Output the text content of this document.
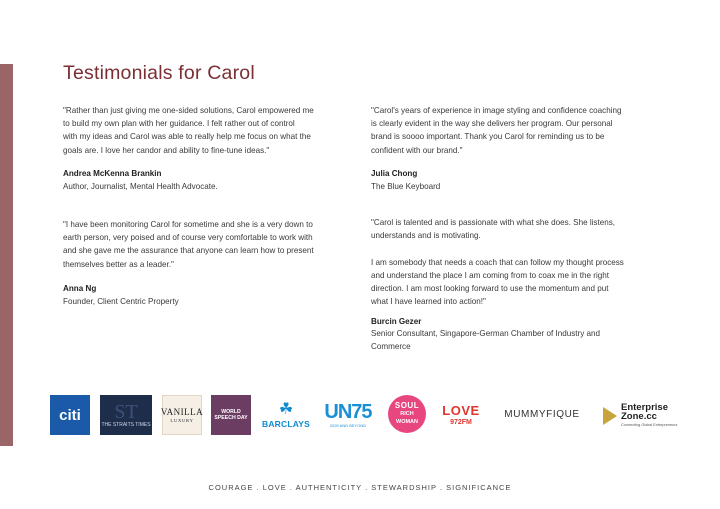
Testimonials for Carol
"Rather than just giving me one-sided solutions, Carol empowered me
to build my own plan with her guidance. I felt rather out of control
with my ideas and Carol was able to really help me focus on what the
goals are. I love her candor and ability to fine-tune ideas."
Andrea McKenna Brankin
Author, Journalist, Mental Health Advocate.
"Carol's years of experience in image styling and confidence coaching
is clearly evident in the way she delivers her program. Our personal
brand is soooo important. Thank you Carol for reminding us to be
confident with our brand."
Julia Chong
The Blue Keyboard
"I have been monitoring Carol for sometime and she is a very down to
earth person, very poised and of course very comfortable to work with
and she gave me the assurance that anyone can learn how to present
themselves better as a leader."
Anna Ng
Founder, Client Centric Property
"Carol is talented and is passionate with what she does. She listens,
understands and is motivating.

I am somebody that needs a coach that can follow my thought process
and understand the place I am coming from to coax me in the right
direction. I am most looking forward to use the momentum and put
what I have learned into action!"
Burcin Gezer
Senior Consultant, Singapore-German Chamber of Industry and
Commerce
citi ST
THE STRAITS TIMES
VANILLA
LUXURY
WORLD SPEECH DAY ☘
BARCLAYS
UN75
2020 AND BEYOND
SOUL
RICH
WOMAN
LOVE
972FM
MUMMYFIQUE
Enterprise
Zone.cc
Connecting Global Entrepreneurs
COURAGE . LOVE . AUTHENTICITY . STEWARDSHIP . SIGNIFICANCE
